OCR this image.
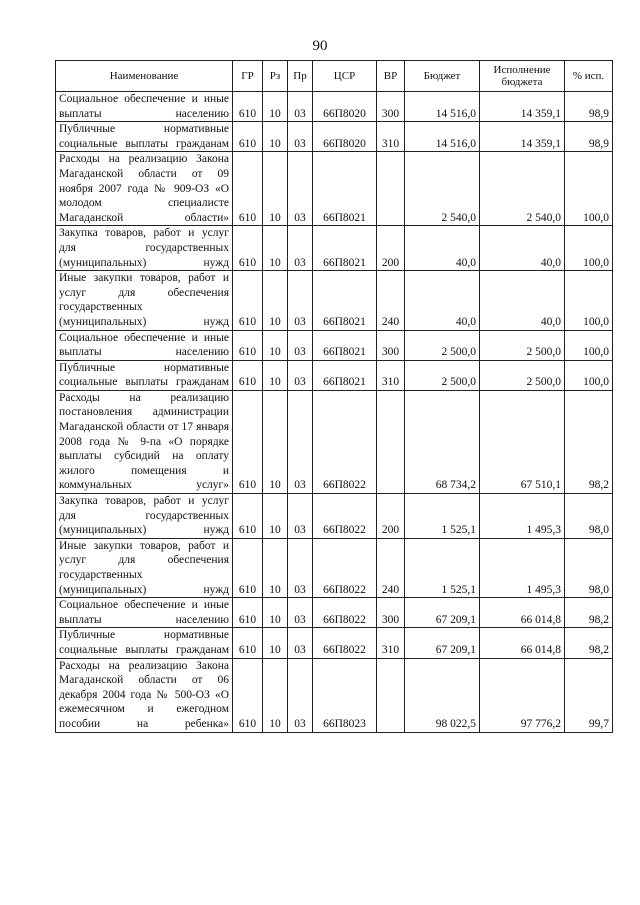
90
Наименование	ГР	Рз	Пр	ЦСР	ВР	Бюджет	Исполнение бюджета	% исп.
Социальное обеспечение и иные выплаты населению	610	10	03	66П8020	300	14 516,0	14 359,1	98,9
Публичные нормативные социальные выплаты гражданам	610	10	03	66П8020	310	14 516,0	14 359,1	98,9
Расходы на реализацию Закона Магаданской области от 09 ноября 2007 года № 909-ОЗ «О молодом специалисте Магаданской области»	610	10	03	66П8021		2 540,0	2 540,0	100,0
Закупка товаров, работ и услуг для государственных (муниципальных) нужд	610	10	03	66П8021	200	40,0	40,0	100,0
Иные закупки товаров, работ и услуг для обеспечения государственных (муниципальных) нужд	610	10	03	66П8021	240	40,0	40,0	100,0
Социальное обеспечение и иные выплаты населению	610	10	03	66П8021	300	2 500,0	2 500,0	100,0
Публичные нормативные социальные выплаты гражданам	610	10	03	66П8021	310	2 500,0	2 500,0	100,0
Расходы на реализацию постановления администрации Магаданской области от 17 января 2008 года № 9-па «О порядке выплаты субсидий на оплату жилого помещения и коммунальных услуг»	610	10	03	66П8022		68 734,2	67 510,1	98,2
Закупка товаров, работ и услуг для государственных (муниципальных) нужд	610	10	03	66П8022	200	1 525,1	1 495,3	98,0
Иные закупки товаров, работ и услуг для обеспечения государственных (муниципальных) нужд	610	10	03	66П8022	240	1 525,1	1 495,3	98,0
Социальное обеспечение и иные выплаты населению	610	10	03	66П8022	300	67 209,1	66 014,8	98,2
Публичные нормативные социальные выплаты гражданам	610	10	03	66П8022	310	67 209,1	66 014,8	98,2
Расходы на реализацию Закона Магаданской области от 06 декабря 2004 года № 500-ОЗ «О ежемесячном и ежегодном пособии на ребенка»	610	10	03	66П8023		98 022,5	97 776,2	99,7
